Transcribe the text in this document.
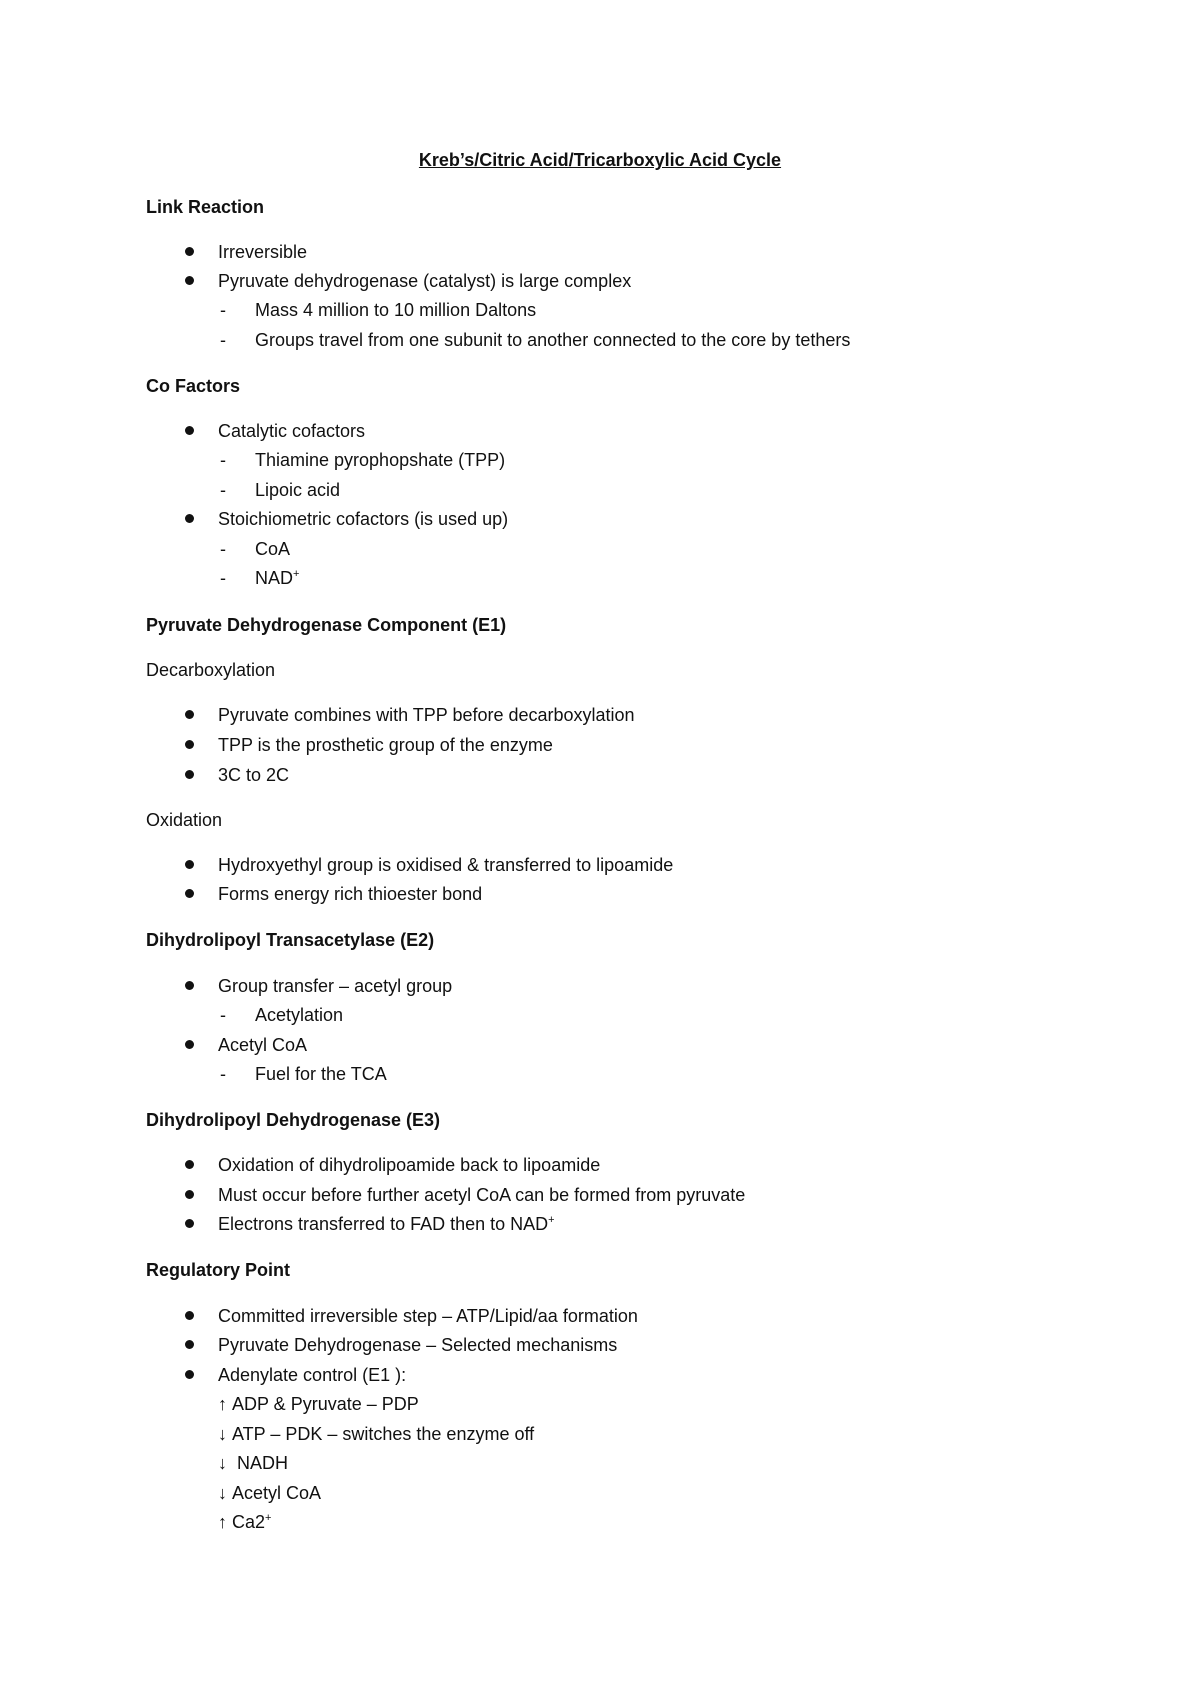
Kreb’s/Citric Acid/Tricarboxylic Acid Cycle
Link Reaction
Irreversible
Pyruvate dehydrogenase (catalyst) is large complex
- Mass 4 million to 10 million Daltons
- Groups travel from one subunit to another connected to the core by tethers
Co Factors
Catalytic cofactors
- Thiamine pyrophopshate (TPP)
- Lipoic acid
Stoichiometric cofactors (is used up)
- CoA
- NAD+
Pyruvate Dehydrogenase Component (E1)
Decarboxylation
Pyruvate combines with TPP before decarboxylation
TPP is the prosthetic group of the enzyme
3C to 2C
Oxidation
Hydroxyethyl group is oxidised & transferred to lipoamide
Forms energy rich thioester bond
Dihydrolipoyl Transacetylase (E2)
Group transfer – acetyl group
- Acetylation
Acetyl CoA
- Fuel for the TCA
Dihydrolipoyl Dehydrogenase (E3)
Oxidation of dihydrolipoamide back to lipoamide
Must occur before further acetyl CoA can be formed from pyruvate
Electrons transferred to FAD then to NAD+
Regulatory Point
Committed irreversible step – ATP/Lipid/aa formation
Pyruvate Dehydrogenase – Selected mechanisms
Adenylate control (E1 ):
↑ ADP & Pyruvate – PDP
↓ ATP – PDK – switches the enzyme off
↓ NADH
↓ Acetyl CoA
↑ Ca2+
